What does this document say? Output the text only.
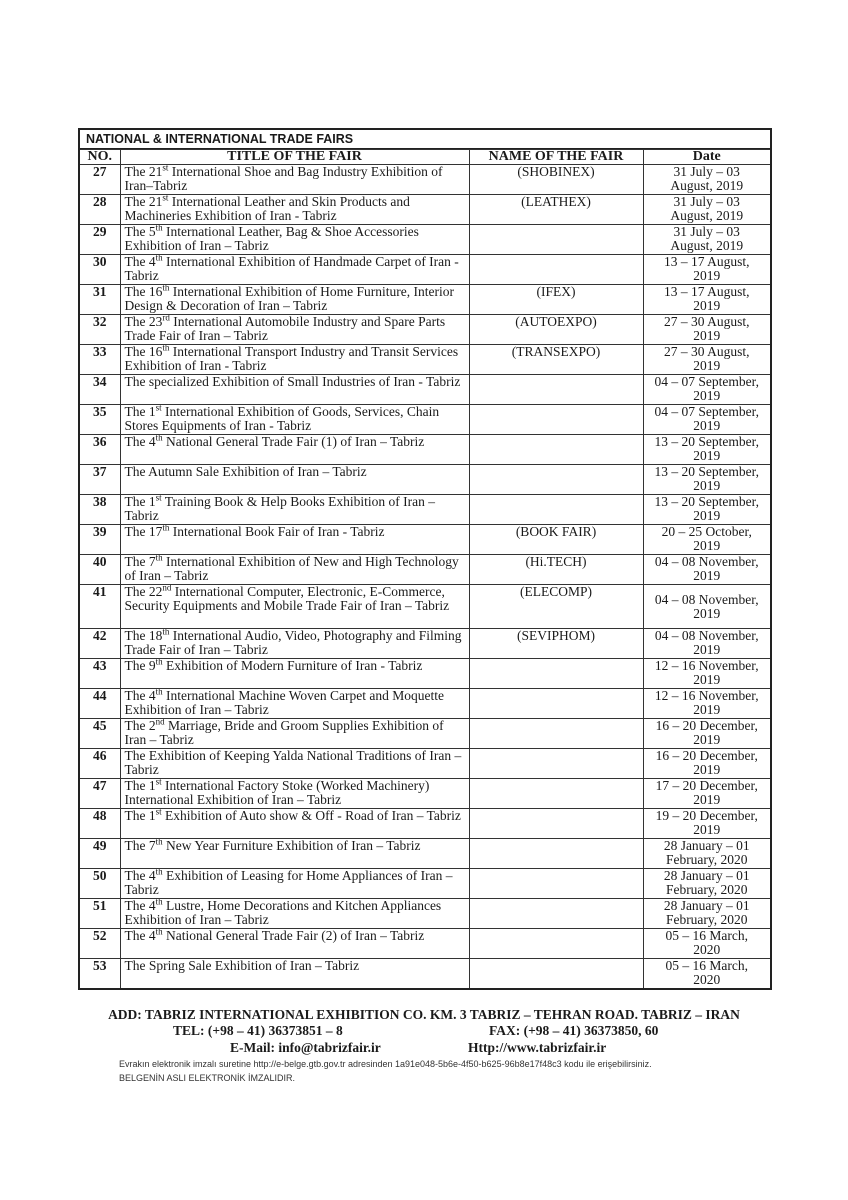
NATIONAL & INTERNATIONAL TRADE FAIRS
NO.	TITLE OF THE FAIR	NAME OF THE FAIR	Date
27	The 21st International Shoe and Bag Industry Exhibition of Iran–Tabriz	(SHOBINEX)	31 July – 03
August, 2019

28	The 21st International Leather and Skin Products and Machineries Exhibition of Iran - Tabriz	(LEATHEX)	31 July – 03
August, 2019

29	The 5th International Leather, Bag & Shoe Accessories Exhibition of Iran – Tabriz		31 July – 03
August, 2019

30	The 4th International Exhibition of Handmade Carpet of Iran - Tabriz		13 – 17 August,
2019

31	The 16th International Exhibition of Home Furniture, Interior Design & Decoration of Iran – Tabriz	(IFEX)	13 – 17 August,
2019

32	The 23rd International Automobile Industry and Spare Parts Trade Fair of Iran – Tabriz	(AUTOEXPO)	27 – 30 August,
2019

33	The 16th International Transport Industry and Transit Services Exhibition of Iran - Tabriz	(TRANSEXPO)	27 – 30 August,
2019

34	The specialized Exhibition of Small Industries of Iran - Tabriz		04 – 07 September,
2019

35	The 1st International Exhibition of Goods, Services, Chain Stores Equipments of Iran - Tabriz		04 – 07 September,
2019

36	The 4th National General Trade Fair (1) of Iran – Tabriz		13 – 20 September,
2019

37	The Autumn Sale Exhibition of Iran – Tabriz		13 – 20 September,
2019

38	The 1st Training Book & Help Books Exhibition of Iran – Tabriz		13 – 20 September,
2019

39	The 17th International Book Fair of Iran - Tabriz	(BOOK FAIR)	20 – 25 October,
2019

40	The 7th International Exhibition of New and High Technology of Iran – Tabriz	(Hi.TECH)	04 – 08 November,
2019

41	The 22nd International Computer, Electronic, E-Commerce, Security Equipments and Mobile Trade Fair of Iran – Tabriz	(ELECOMP)	04 – 08 November,
2019

42	The 18th International Audio, Video, Photography and Filming Trade Fair of Iran – Tabriz	(SEVIPHOM)	04 – 08 November,
2019

43	The 9th Exhibition of Modern Furniture of Iran - Tabriz		12 – 16 November,
2019

44	The 4th International Machine Woven Carpet and Moquette Exhibition of Iran – Tabriz		12 – 16 November,
2019

45	The 2nd Marriage, Bride and Groom Supplies Exhibition of Iran – Tabriz		16 – 20 December,
2019

46	The Exhibition of Keeping Yalda National Traditions of Iran – Tabriz		16 – 20 December,
2019

47	The 1st International Factory Stoke (Worked Machinery) International Exhibition of Iran – Tabriz		17 – 20 December,
2019

48	The 1st Exhibition of Auto show & Off - Road of Iran – Tabriz		19 – 20 December,
2019

49	The 7th New Year Furniture Exhibition of Iran – Tabriz		28 January – 01
February, 2020

50	The 4th Exhibition of Leasing for Home Appliances of Iran – Tabriz		28 January – 01
February, 2020

51	The 4th Lustre, Home Decorations and Kitchen Appliances Exhibition of Iran – Tabriz		28 January – 01
February, 2020

52	The 4th National General Trade Fair (2) of Iran – Tabriz		05 – 16 March,
2020

53	The Spring Sale Exhibition of Iran – Tabriz		05 – 16 March,
2020
ADD: TABRIZ INTERNATIONAL EXHIBITION CO. KM. 3 TABRIZ – TEHRAN ROAD. TABRIZ – IRAN
TEL: (+98 – 41) 36373851 – 8	FAX: (+98 – 41) 36373850, 60
E-Mail: info@tabrizfair.ir	Http://www.tabrizfair.ir
Evrakın elektronik imzalı suretine http://e-belge.gtb.gov.tr adresinden 1a91e048-5b6e-4f50-b625-96b8e17f48c3 kodu ile erişebilirsiniz.
BELGENİN ASLI ELEKTRONİK İMZALIDIR.
